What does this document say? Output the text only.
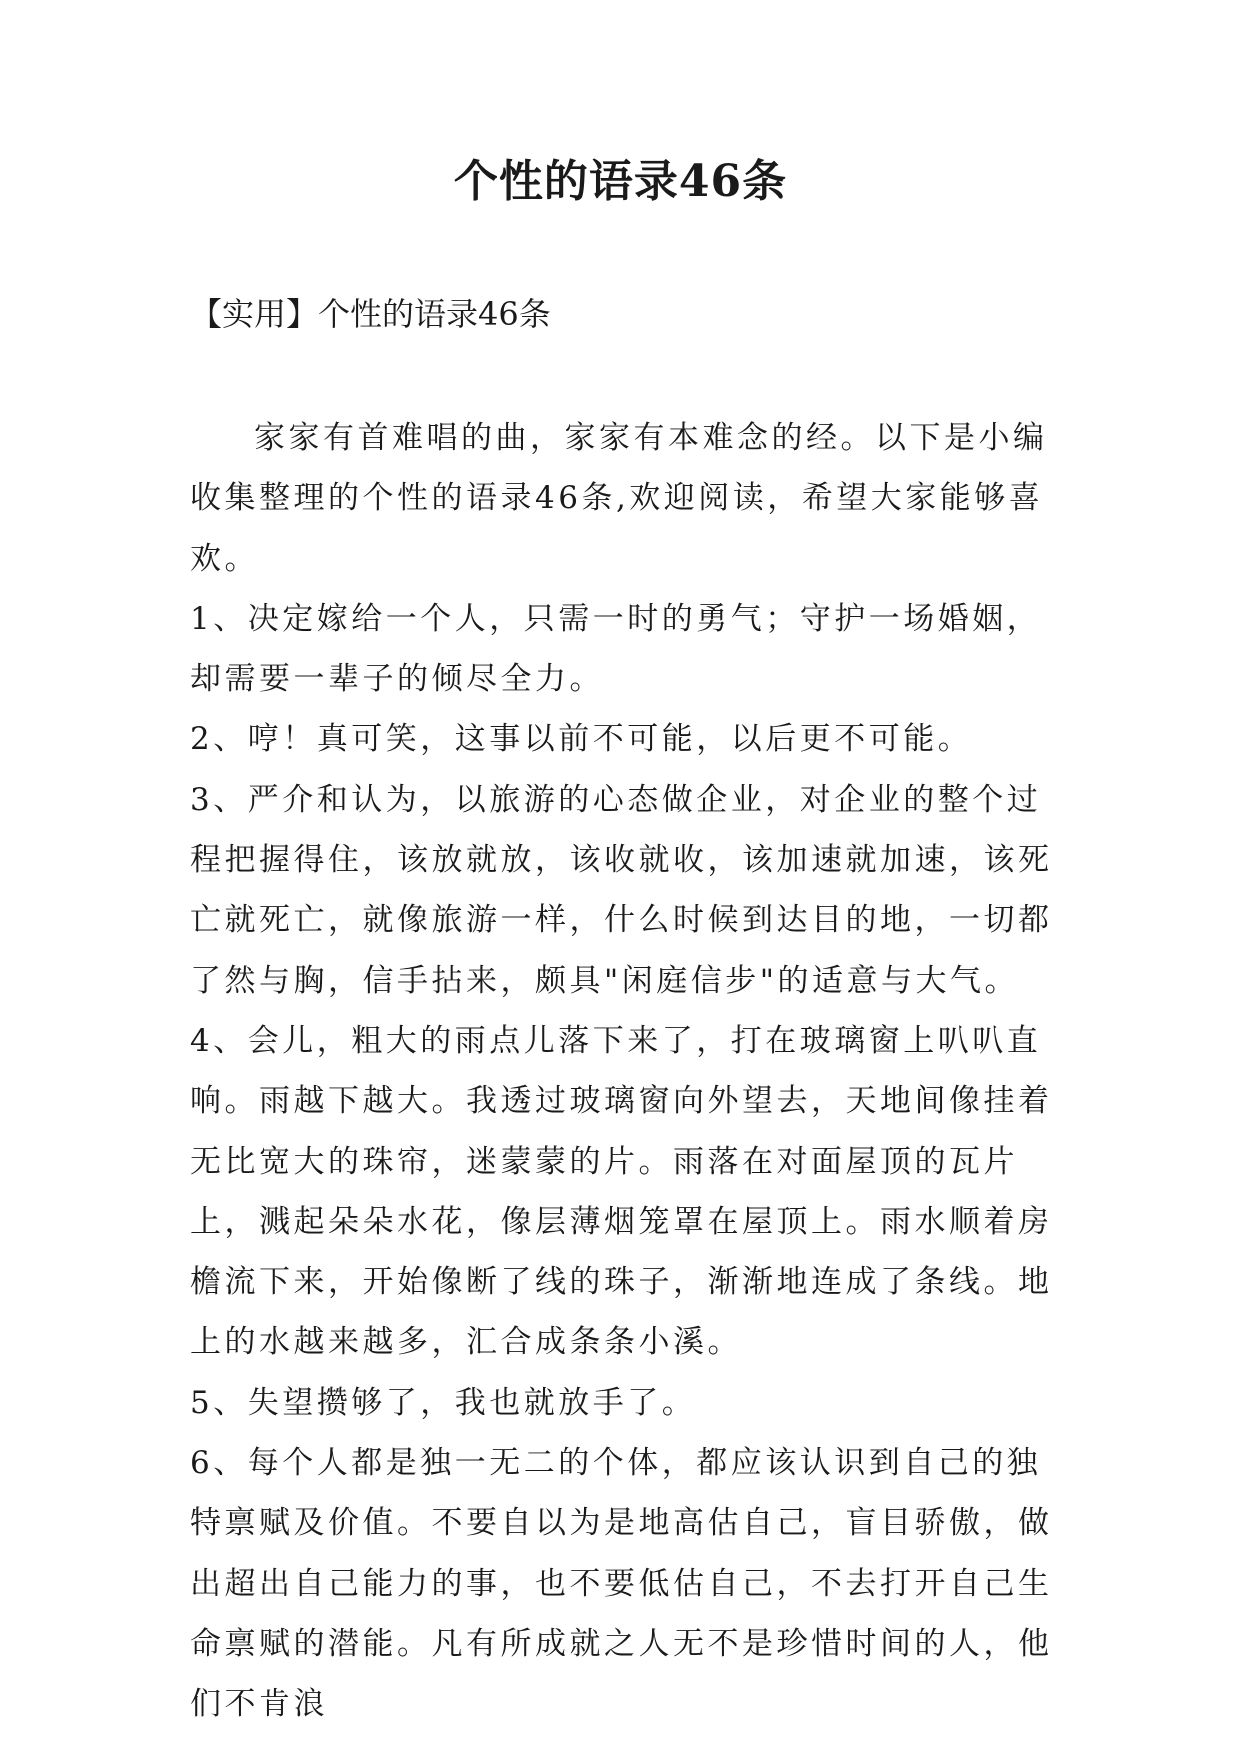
个性的语录46条

【实用】个性的语录46条

家家有首难唱的曲，家家有本难念的经。以下是小编收集整理的个性的语录46条,欢迎阅读，希望大家能够喜欢。

1、决定嫁给一个人，只需一时的勇气；守护一场婚姻，却需要一辈子的倾尽全力。

2、哼！真可笑，这事以前不可能，以后更不可能。

3、严介和认为，以旅游的心态做企业，对企业的整个过程把握得住，该放就放，该收就收，该加速就加速，该死亡就死亡，就像旅游一样，什么时候到达目的地，一切都了然与胸，信手拈来，颇具"闲庭信步"的适意与大气。

4、会儿，粗大的雨点儿落下来了，打在玻璃窗上叭叭直响。雨越下越大。我透过玻璃窗向外望去，天地间像挂着无比宽大的珠帘，迷蒙蒙的片。雨落在对面屋顶的瓦片上，溅起朵朵水花，像层薄烟笼罩在屋顶上。雨水顺着房檐流下来，开始像断了线的珠子，渐渐地连成了条线。地上的水越来越多，汇合成条条小溪。

5、失望攒够了，我也就放手了。

6、每个人都是独一无二的个体，都应该认识到自己的独特禀赋及价值。不要自以为是地高估自己，盲目骄傲，做出超出自己能力的事，也不要低估自己，不去打开自己生命禀赋的潜能。凡有所成就之人无不是珍惜时间的人，他们不肯浪
